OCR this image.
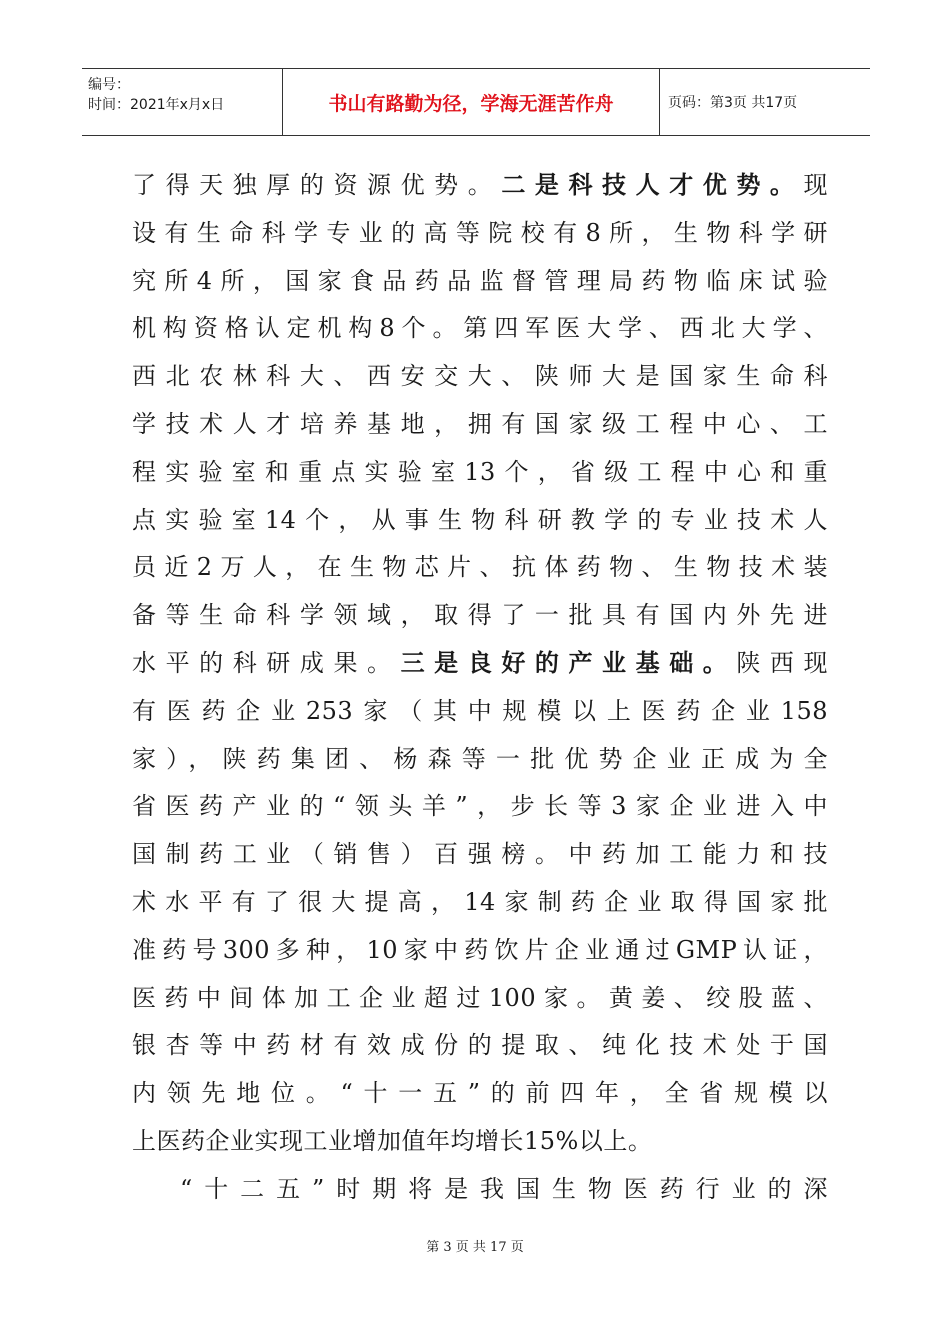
编号：
时间：2021年x月x日	书山有路勤为径，学海无涯苦作舟	页码：第3页 共17页
了得天独厚的资源优势。二是科技人才优势。现
设有生命科学专业的高等院校有8所，生物科学研
究所4所，国家食品药品监督管理局药物临床试验
机构资格认定机构8个。第四军医大学、西北大学、
西北农林科大、西安交大、陕师大是国家生命科
学技术人才培养基地，拥有国家级工程中心、工
程实验室和重点实验室13个，省级工程中心和重
点实验室14个，从事生物科研教学的专业技术人
员近2万人，在生物芯片、抗体药物、生物技术装
备等生命科学领域，取得了一批具有国内外先进
水平的科研成果。三是良好的产业基础。陕西现
有医药企业253家（其中规模以上医药企业158
家），陕药集团、杨森等一批优势企业正成为全
省医药产业的“领头羊”，步长等3家企业进入中
国制药工业（销售）百强榜。中药加工能力和技
术水平有了很大提高，14家制药企业取得国家批
准药号300多种，10家中药饮片企业通过GMP认证，
医药中间体加工企业超过100家。黄姜、绞股蓝、
银杏等中药材有效成份的提取、纯化技术处于国
内领先地位。“十一五”的前四年，全省规模以
上医药企业实现工业增加值年均增长15%以上。
“十二五”时期将是我国生物医药行业的深
第 3 页 共 17 页
